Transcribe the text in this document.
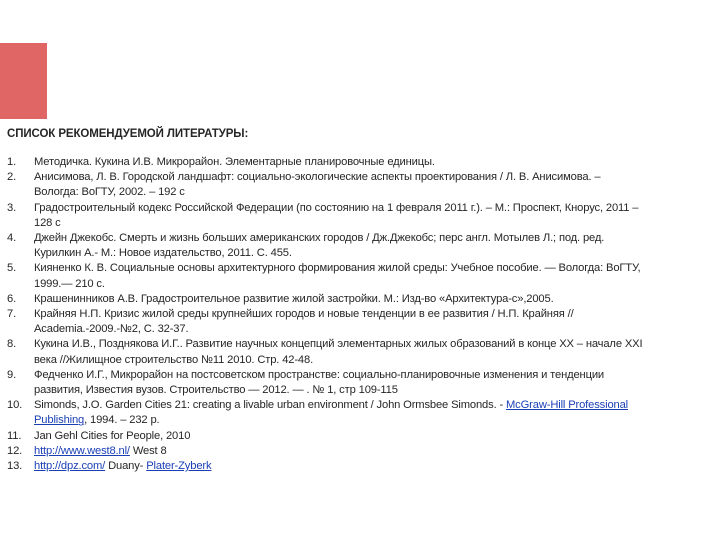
СПИСОК РЕКОМЕНДУЕМОЙ ЛИТЕРАТУРЫ:
1. Методичка. Кукина И.В. Микрорайон. Элементарные планировочные единицы.
2. Анисимова, Л. В. Городской ландшафт: социально-экологические аспекты проектирования / Л. В. Анисимова. – Вологда: ВоГТУ, 2002. – 192 с
3. Градостроительный кодекс Российской Федерации (по состоянию на 1 февраля 2011 г.). – М.: Проспект, Кнорус, 2011 – 128 с
4. Джейн Джекобс. Смерть и жизнь больших американских городов / Дж.Джекобс; перс англ. Мотылев Л.; под. ред. Курилкин А.- М.: Новое издательство, 2011. С. 455.
5. Кияненко К. В. Социальные основы архитектурного формирования жилой среды: Учебное пособие. — Вологда: ВоГТУ, 1999.— 210 с.
6. Крашенинников А.В. Градостроительное развитие жилой застройки. М.: Изд-во «Архитектура-с»,2005.
7. Крайняя Н.П. Кризис жилой среды крупнейших городов и новые тенденции в ее развития / Н.П. Крайняя // Academia.-2009.-№2, С. 32-37.
8. Кукина И.В., Позднякова И.Г.. Развитие научных концепций элементарных жилых образований в конце XX – начале XXI века //Жилищное строительство №11 2010. Стр. 42-48.
9. Федченко И.Г., Микрорайон на постсоветском пространстве: социально-планировочные изменения и тенденции развития, Известия вузов. Строительство — 2012. — . № 1, стр 109-115
10. Simonds, J.O. Garden Cities 21: creating a livable urban environment / John Ormsbee Simonds. - McGraw-Hill Professional Publishing, 1994. – 232 p.
11. Jan Gehl Cities for People, 2010
12. http://www.west8.nl/ West 8
13. http://dpz.com/ Duany- Plater-Zyberk
